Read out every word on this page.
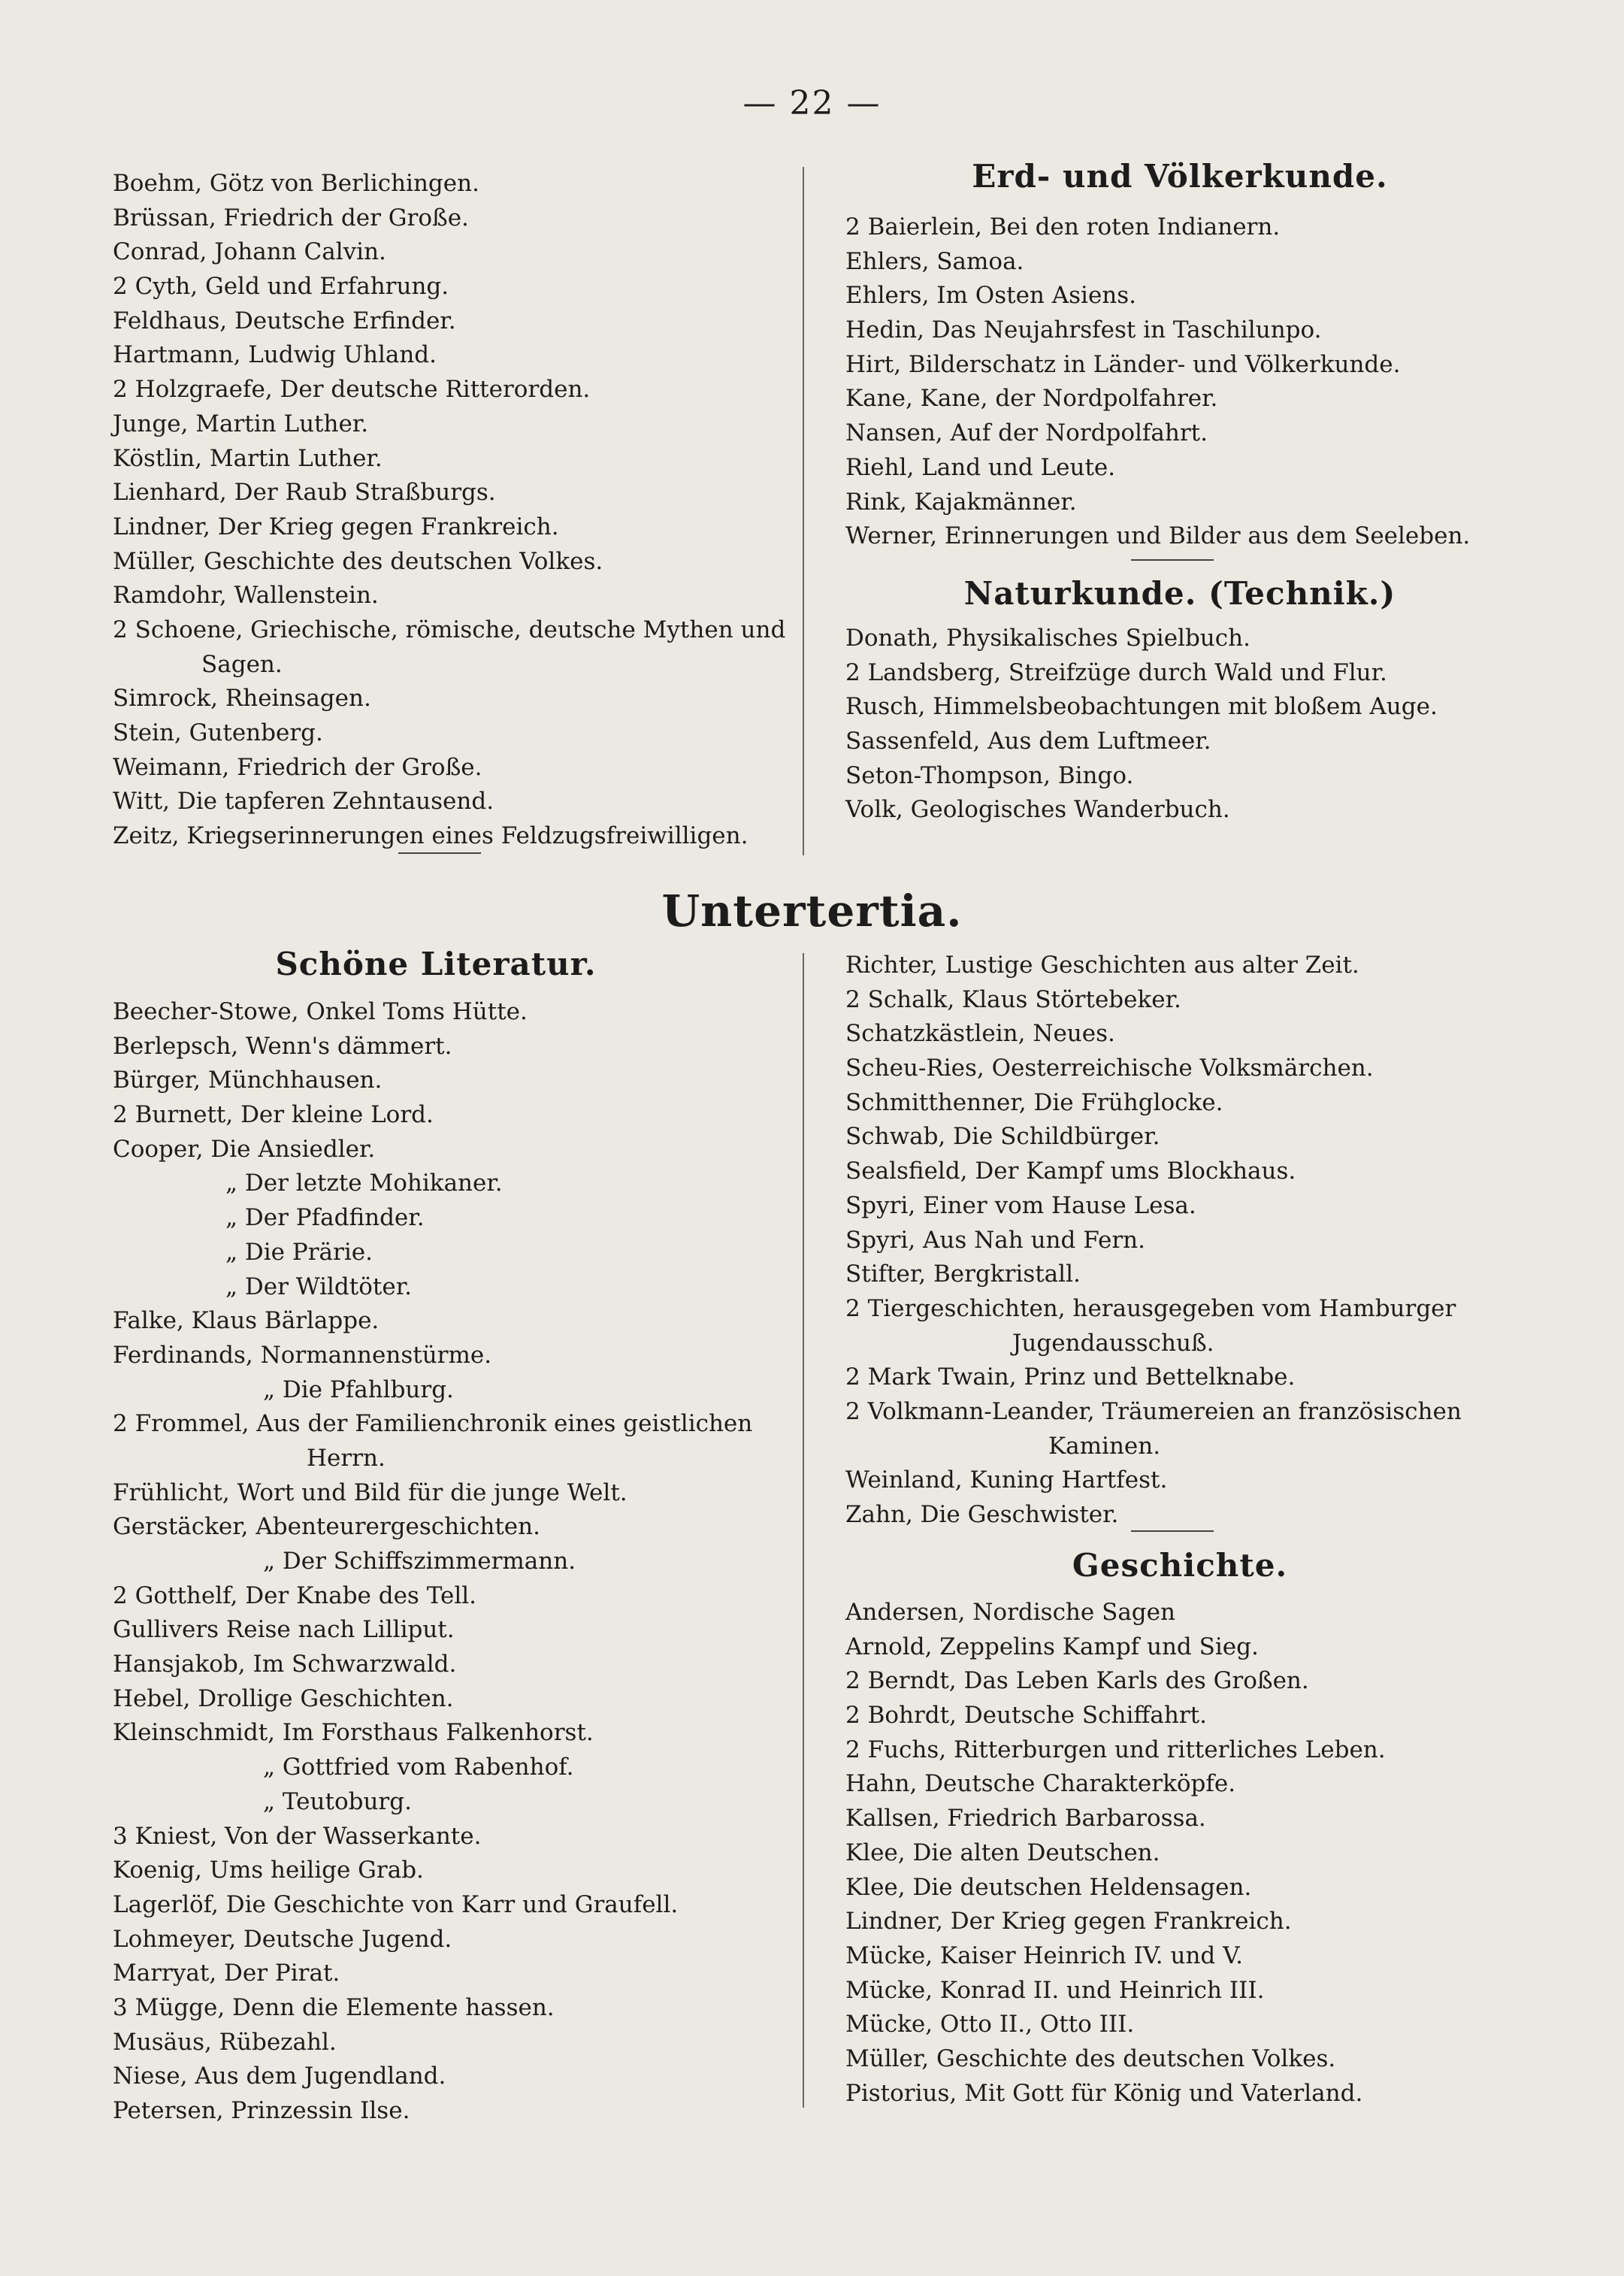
— 22 —
Boehm, Götz von Berlichingen.
Brüssan, Friedrich der Große.
Conrad, Johann Calvin.
2 Cyth, Geld und Erfahrung.
Feldhaus, Deutsche Erfinder.
Hartmann, Ludwig Uhland.
2 Holzgraefe, Der deutsche Ritterorden.
Junge, Martin Luther.
Köstlin, Martin Luther.
Lienhard, Der Raub Straßburgs.
Lindner, Der Krieg gegen Frankreich.
Müller, Geschichte des deutschen Volkes.
Ramdohr, Wallenstein.
2 Schoene, Griechische, römische, deutsche Mythen und
Sagen.
Simrock, Rheinsagen.
Stein, Gutenberg.
Weimann, Friedrich der Große.
Witt, Die tapferen Zehntausend.
Zeitz, Kriegserinnerungen eines Feldzugsfreiwilligen.
Erd- und Völkerkunde.
2 Baierlein, Bei den roten Indianern.
Ehlers, Samoa.
Ehlers, Im Osten Asiens.
Hedin, Das Neujahrsfest in Taschilunpo.
Hirt, Bilderschatz in Länder- und Völkerkunde.
Kane, Kane, der Nordpolfahrer.
Nansen, Auf der Nordpolfahrt.
Riehl, Land und Leute.
Rink, Kajakmänner.
Werner, Erinnerungen und Bilder aus dem Seeleben.
Naturkunde. (Technik.)
Donath, Physikalisches Spielbuch.
2 Landsberg, Streifzüge durch Wald und Flur.
Rusch, Himmelsbeobachtungen mit bloßem Auge.
Sassenfeld, Aus dem Luftmeer.
Seton-Thompson, Bingo.
Volk, Geologisches Wanderbuch.
Untertertia.
Schöne Literatur.
Beecher-Stowe, Onkel Toms Hütte.
Berlepsch, Wenn's dämmert.
Bürger, Münchhausen.
2 Burnett, Der kleine Lord.
Cooper, Die Ansiedler.
„ Der letzte Mohikaner.
„ Der Pfadfinder.
„ Die Prärie.
„ Der Wildtöter.
Falke, Klaus Bärlappe.
Ferdinands, Normannenstürme.
„ Die Pfahlburg.
2 Frommel, Aus der Familienchronik eines geistlichen
Herrn.
Frühlicht, Wort und Bild für die junge Welt.
Gerstäcker, Abenteurergeschichten.
„ Der Schiffszimmermann.
2 Gotthelf, Der Knabe des Tell.
Gullivers Reise nach Lilliput.
Hansjakob, Im Schwarzwald.
Hebel, Drollige Geschichten.
Kleinschmidt, Im Forsthaus Falkenhorst.
„ Gottfried vom Rabenhof.
„ Teutoburg.
3 Kniest, Von der Wasserkante.
Koenig, Ums heilige Grab.
Lagerlöf, Die Geschichte von Karr und Graufell.
Lohmeyer, Deutsche Jugend.
Marryat, Der Pirat.
3 Mügge, Denn die Elemente hassen.
Musäus, Rübezahl.
Niese, Aus dem Jugendland.
Petersen, Prinzessin Ilse.
Richter, Lustige Geschichten aus alter Zeit.
2 Schalk, Klaus Störtebeker.
Schatzkästlein, Neues.
Scheu-Ries, Oesterreichische Volksmärchen.
Schmitthenner, Die Frühglocke.
Schwab, Die Schildbürger.
Sealsfield, Der Kampf ums Blockhaus.
Spyri, Einer vom Hause Lesa.
Spyri, Aus Nah und Fern.
Stifter, Bergkristall.
2 Tiergeschichten, herausgegeben vom Hamburger
Jugendausschuß.
2 Mark Twain, Prinz und Bettelknabe.
2 Volkmann-Leander, Träumereien an französischen
Kaminen.
Weinland, Kuning Hartfest.
Zahn, Die Geschwister.
Geschichte.
Andersen, Nordische Sagen
Arnold, Zeppelins Kampf und Sieg.
2 Berndt, Das Leben Karls des Großen.
2 Bohrdt, Deutsche Schiffahrt.
2 Fuchs, Ritterburgen und ritterliches Leben.
Hahn, Deutsche Charakterköpfe.
Kallsen, Friedrich Barbarossa.
Klee, Die alten Deutschen.
Klee, Die deutschen Heldensagen.
Lindner, Der Krieg gegen Frankreich.
Mücke, Kaiser Heinrich IV. und V.
Mücke, Konrad II. und Heinrich III.
Mücke, Otto II., Otto III.
Müller, Geschichte des deutschen Volkes.
Pistorius, Mit Gott für König und Vaterland.
